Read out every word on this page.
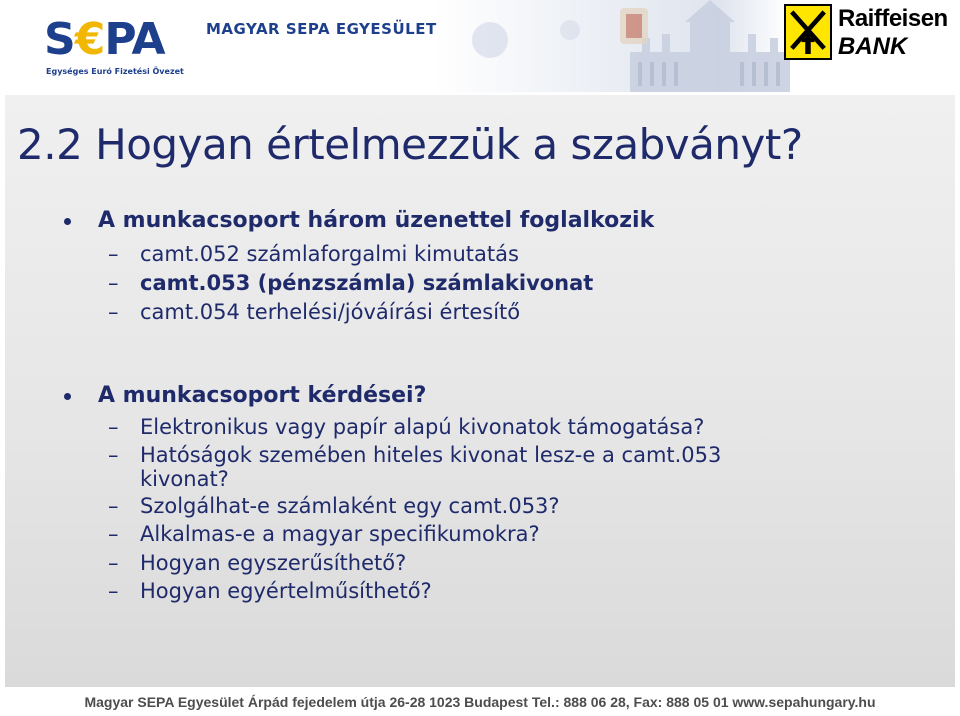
S€PA
Egységes Euró Fizetési Övezet
MAGYAR SEPA EGYESÜLET	Raiffeisen
BANK
2.2 Hogyan értelmezzük a szabványt?
A munkacsoport három üzenettel foglalkozik
– camt.052 számlaforgalmi kimutatás
– camt.053 (pénzszámla) számlakivonat
– camt.054 terhelési/jóváírási értesítő
A munkacsoport kérdései?
– Elektronikus vagy papír alapú kivonatok támogatása?
– Hatóságok szemében hiteles kivonat lesz-e a camt.053
kivonat?
– Szolgálhat-e számlaként egy camt.053?
– Alkalmas-e a magyar specifikumokra?
– Hogyan egyszerűsíthető?
– Hogyan egyértelműsíthető?
Magyar SEPA Egyesület Árpád fejedelem útja 26-28 1023 Budapest Tel.: 888 06 28, Fax: 888 05 01 www.sepahungary.hu
